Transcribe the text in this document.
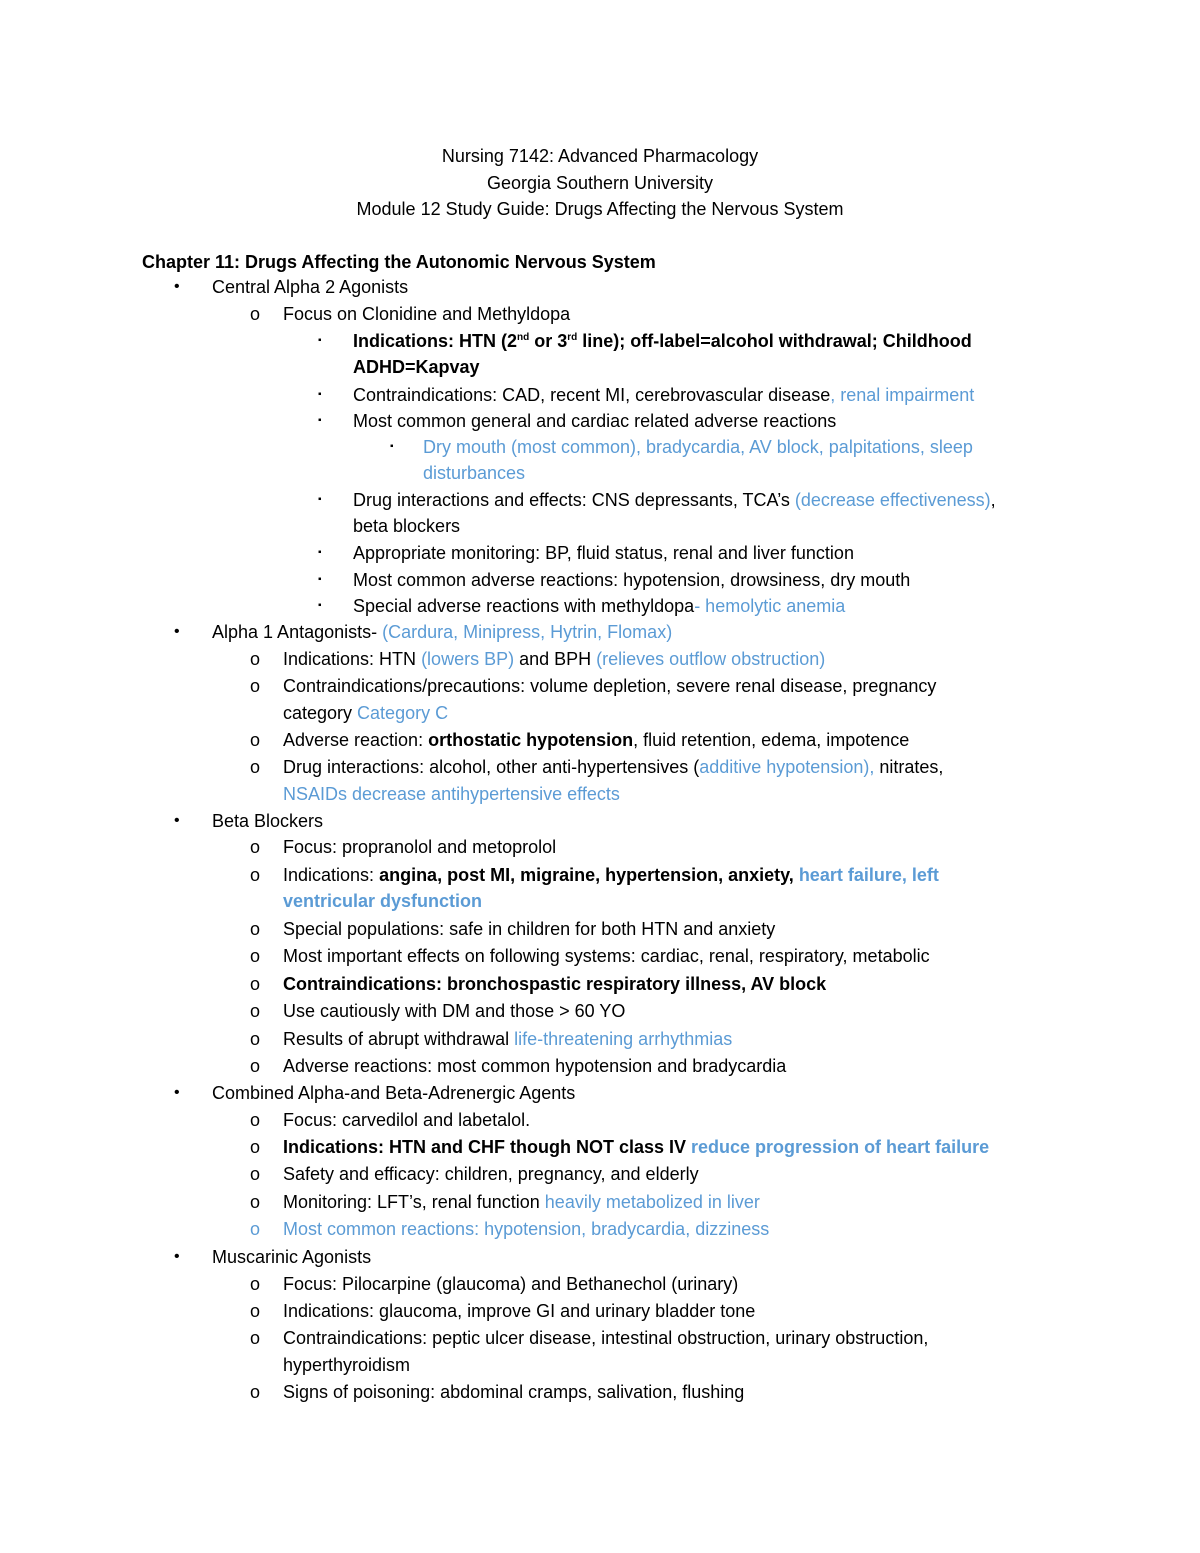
Nursing 7142: Advanced Pharmacology
Georgia Southern University
Module 12 Study Guide: Drugs Affecting the Nervous System
Chapter 11: Drugs Affecting the Autonomic Nervous System
• Central Alpha 2 Agonists
o Focus on Clonidine and Methyldopa
▪ Indications: HTN (2nd or 3rd line); off-label=alcohol withdrawal; Childhood
ADHD=Kapvay
▪ Contraindications: CAD, recent MI, cerebrovascular disease, renal impairment
▪ Most common general and cardiac related adverse reactions
▪ Dry mouth (most common), bradycardia, AV block, palpitations, sleep
disturbances
▪ Drug interactions and effects: CNS depressants, TCA’s (decrease effectiveness),
beta blockers
▪ Appropriate monitoring: BP, fluid status, renal and liver function
▪ Most common adverse reactions: hypotension, drowsiness, dry mouth
▪ Special adverse reactions with methyldopa- hemolytic anemia
• Alpha 1 Antagonists- (Cardura, Minipress, Hytrin, Flomax)
o Indications: HTN (lowers BP) and BPH (relieves outflow obstruction)
o Contraindications/precautions: volume depletion, severe renal disease, pregnancy
category Category C
o Adverse reaction: orthostatic hypotension, fluid retention, edema, impotence
o Drug interactions: alcohol, other anti-hypertensives (additive hypotension), nitrates,
NSAIDs decrease antihypertensive effects
• Beta Blockers
o Focus: propranolol and metoprolol
o Indications: angina, post MI, migraine, hypertension, anxiety, heart failure, left
ventricular dysfunction
o Special populations: safe in children for both HTN and anxiety
o Most important effects on following systems: cardiac, renal, respiratory, metabolic
o Contraindications: bronchospastic respiratory illness, AV block
o Use cautiously with DM and those > 60 YO
o Results of abrupt withdrawal life-threatening arrhythmias
o Adverse reactions: most common hypotension and bradycardia
• Combined Alpha-and Beta-Adrenergic Agents
o Focus: carvedilol and labetalol.
o Indications: HTN and CHF though NOT class IV reduce progression of heart failure
o Safety and efficacy: children, pregnancy, and elderly
o Monitoring: LFT’s, renal function heavily metabolized in liver
o Most common reactions: hypotension, bradycardia, dizziness
• Muscarinic Agonists
o Focus: Pilocarpine (glaucoma) and Bethanechol (urinary)
o Indications: glaucoma, improve GI and urinary bladder tone
o Contraindications: peptic ulcer disease, intestinal obstruction, urinary obstruction,
hyperthyroidism
o Signs of poisoning: abdominal cramps, salivation, flushing
